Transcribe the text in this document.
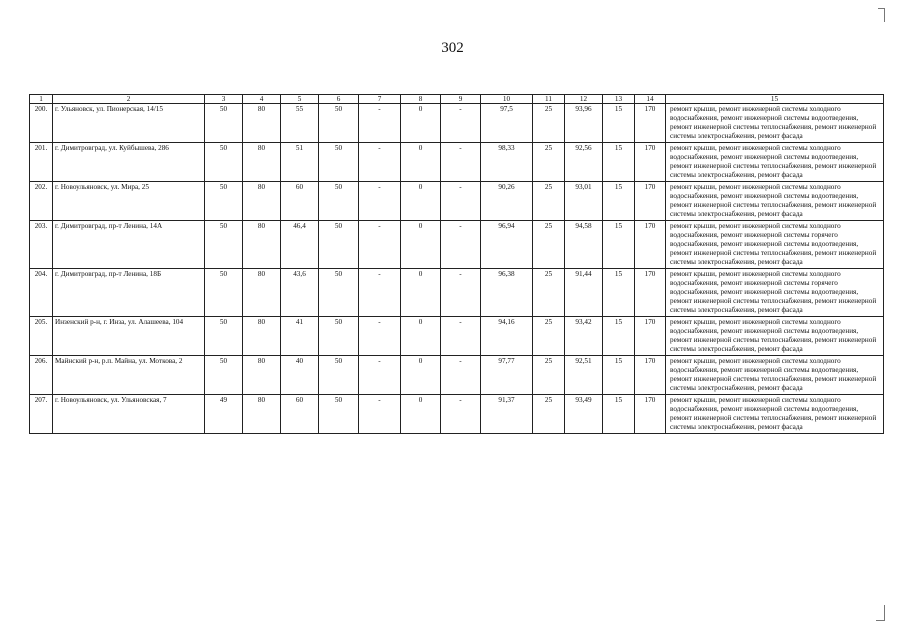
302
1	2	3	4	5	6	7	8	9	10	11	12	13	14	15
200.	г. Ульяновск, ул. Пионерская, 14/15	50	80	55	50	-	0	-	97,5	25	93,96	15	170	ремонт крыши, ремонт инженерной системы холодного водоснабжения, ремонт инженерной системы водоотведения, ремонт инженерной системы теплоснабжения, ремонт инженерной системы электроснабжения, ремонт фасада
201.	г. Димитровград, ул. Куйбышева, 286	50	80	51	50	-	0	-	98,33	25	92,56	15	170	ремонт крыши, ремонт инженерной системы холодного водоснабжения, ремонт инженерной системы водоотведения, ремонт инженерной системы теплоснабжения, ремонт инженерной системы электроснабжения, ремонт фасада
202.	г. Новоульяновск, ул. Мира, 25	50	80	60	50	-	0	-	90,26	25	93,01	15	170	ремонт крыши, ремонт инженерной системы холодного водоснабжения, ремонт инженерной системы водоотведения, ремонт инженерной системы теплоснабжения, ремонт инженерной системы электроснабжения, ремонт фасада
203.	г. Димитровград, пр-т Ленина, 14А	50	80	46,4	50	-	0	-	96,94	25	94,58	15	170	ремонт крыши, ремонт инженерной системы холодного водоснабжения, ремонт инженерной системы горячего водоснабжения, ремонт инженерной системы водоотведения, ремонт инженерной системы теплоснабжения, ремонт инженерной системы электроснабжения, ремонт фасада
204.	г. Димитровград, пр-т Ленина, 18Б	50	80	43,6	50	-	0	-	96,38	25	91,44	15	170	ремонт крыши, ремонт инженерной системы холодного водоснабжения, ремонт инженерной системы горячего водоснабжения, ремонт инженерной системы водоотведения, ремонт инженерной системы теплоснабжения, ремонт инженерной системы электроснабжения, ремонт фасада
205.	Инзенский р-н, г. Инза, ул. Алашеева, 104	50	80	41	50	-	0	-	94,16	25	93,42	15	170	ремонт крыши, ремонт инженерной системы холодного водоснабжения, ремонт инженерной системы водоотведения, ремонт инженерной системы теплоснабжения, ремонт инженерной системы электроснабжения, ремонт фасада
206.	Майнский р-н, р.п. Майна, ул. Моткова, 2	50	80	40	50	-	0	-	97,77	25	92,51	15	170	ремонт крыши, ремонт инженерной системы холодного водоснабжения, ремонт инженерной системы водоотведения, ремонт инженерной системы теплоснабжения, ремонт инженерной системы электроснабжения, ремонт фасада
207.	г. Новоульяновск, ул. Ульяновская, 7	49	80	60	50	-	0	-	91,37	25	93,49	15	170	ремонт крыши, ремонт инженерной системы холодного водоснабжения, ремонт инженерной системы водоотведения, ремонт инженерной системы теплоснабжения, ремонт инженерной системы электроснабжения, ремонт фасада
